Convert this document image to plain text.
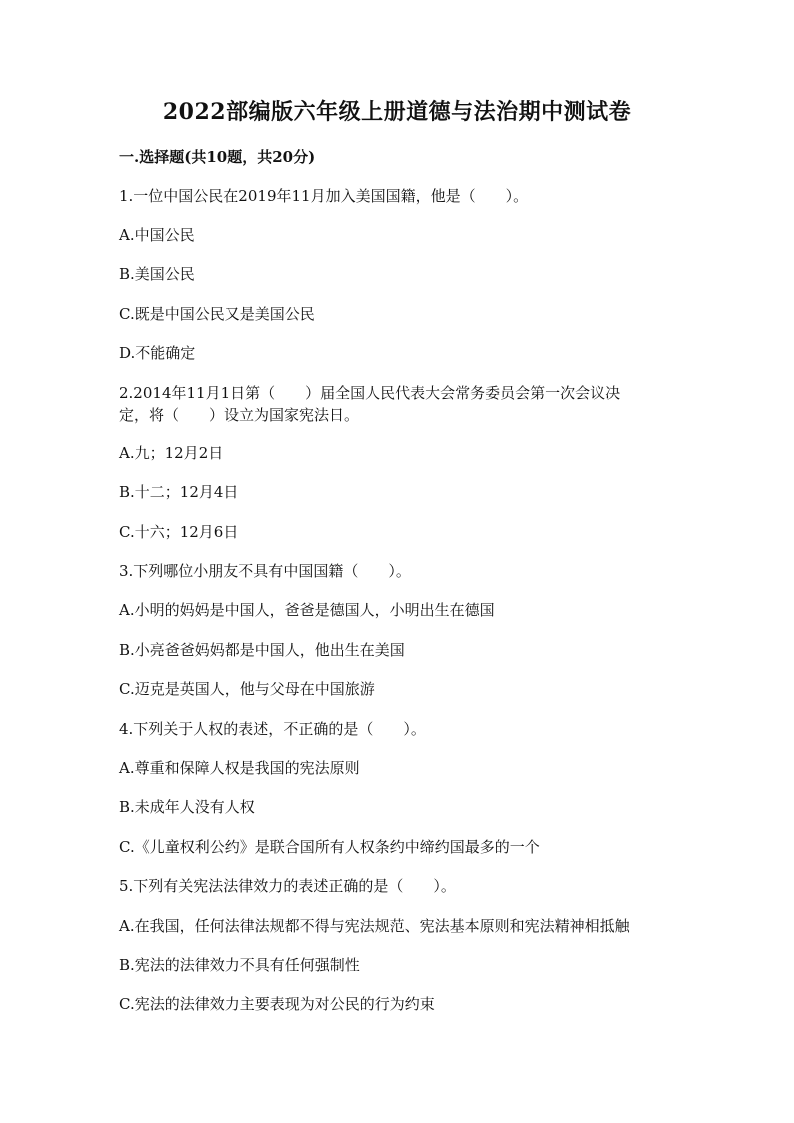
2022部编版六年级上册道德与法治期中测试卷
一.选择题(共10题，共20分)
1.一位中国公民在2019年11月加入美国国籍，他是（　　）。
A.中国公民
B.美国公民
C.既是中国公民又是美国公民
D.不能确定
2.2014年11月1日第（　　）届全国人民代表大会常务委员会第一次会议决
定，将（　　）设立为国家宪法日。
A.九；12月2日
B.十二；12月4日
C.十六；12月6日
3.下列哪位小朋友不具有中国国籍（　　）。
A.小明的妈妈是中国人，爸爸是德国人，小明出生在德国
B.小亮爸爸妈妈都是中国人，他出生在美国
C.迈克是英国人，他与父母在中国旅游
4.下列关于人权的表述，不正确的是（　　）。
A.尊重和保障人权是我国的宪法原则
B.未成年人没有人权
C.《儿童权利公约》是联合国所有人权条约中缔约国最多的一个
5.下列有关宪法法律效力的表述正确的是（　　）。
A.在我国，任何法律法规都不得与宪法规范、宪法基本原则和宪法精神相抵触
B.宪法的法律效力不具有任何强制性
C.宪法的法律效力主要表现为对公民的行为约束
